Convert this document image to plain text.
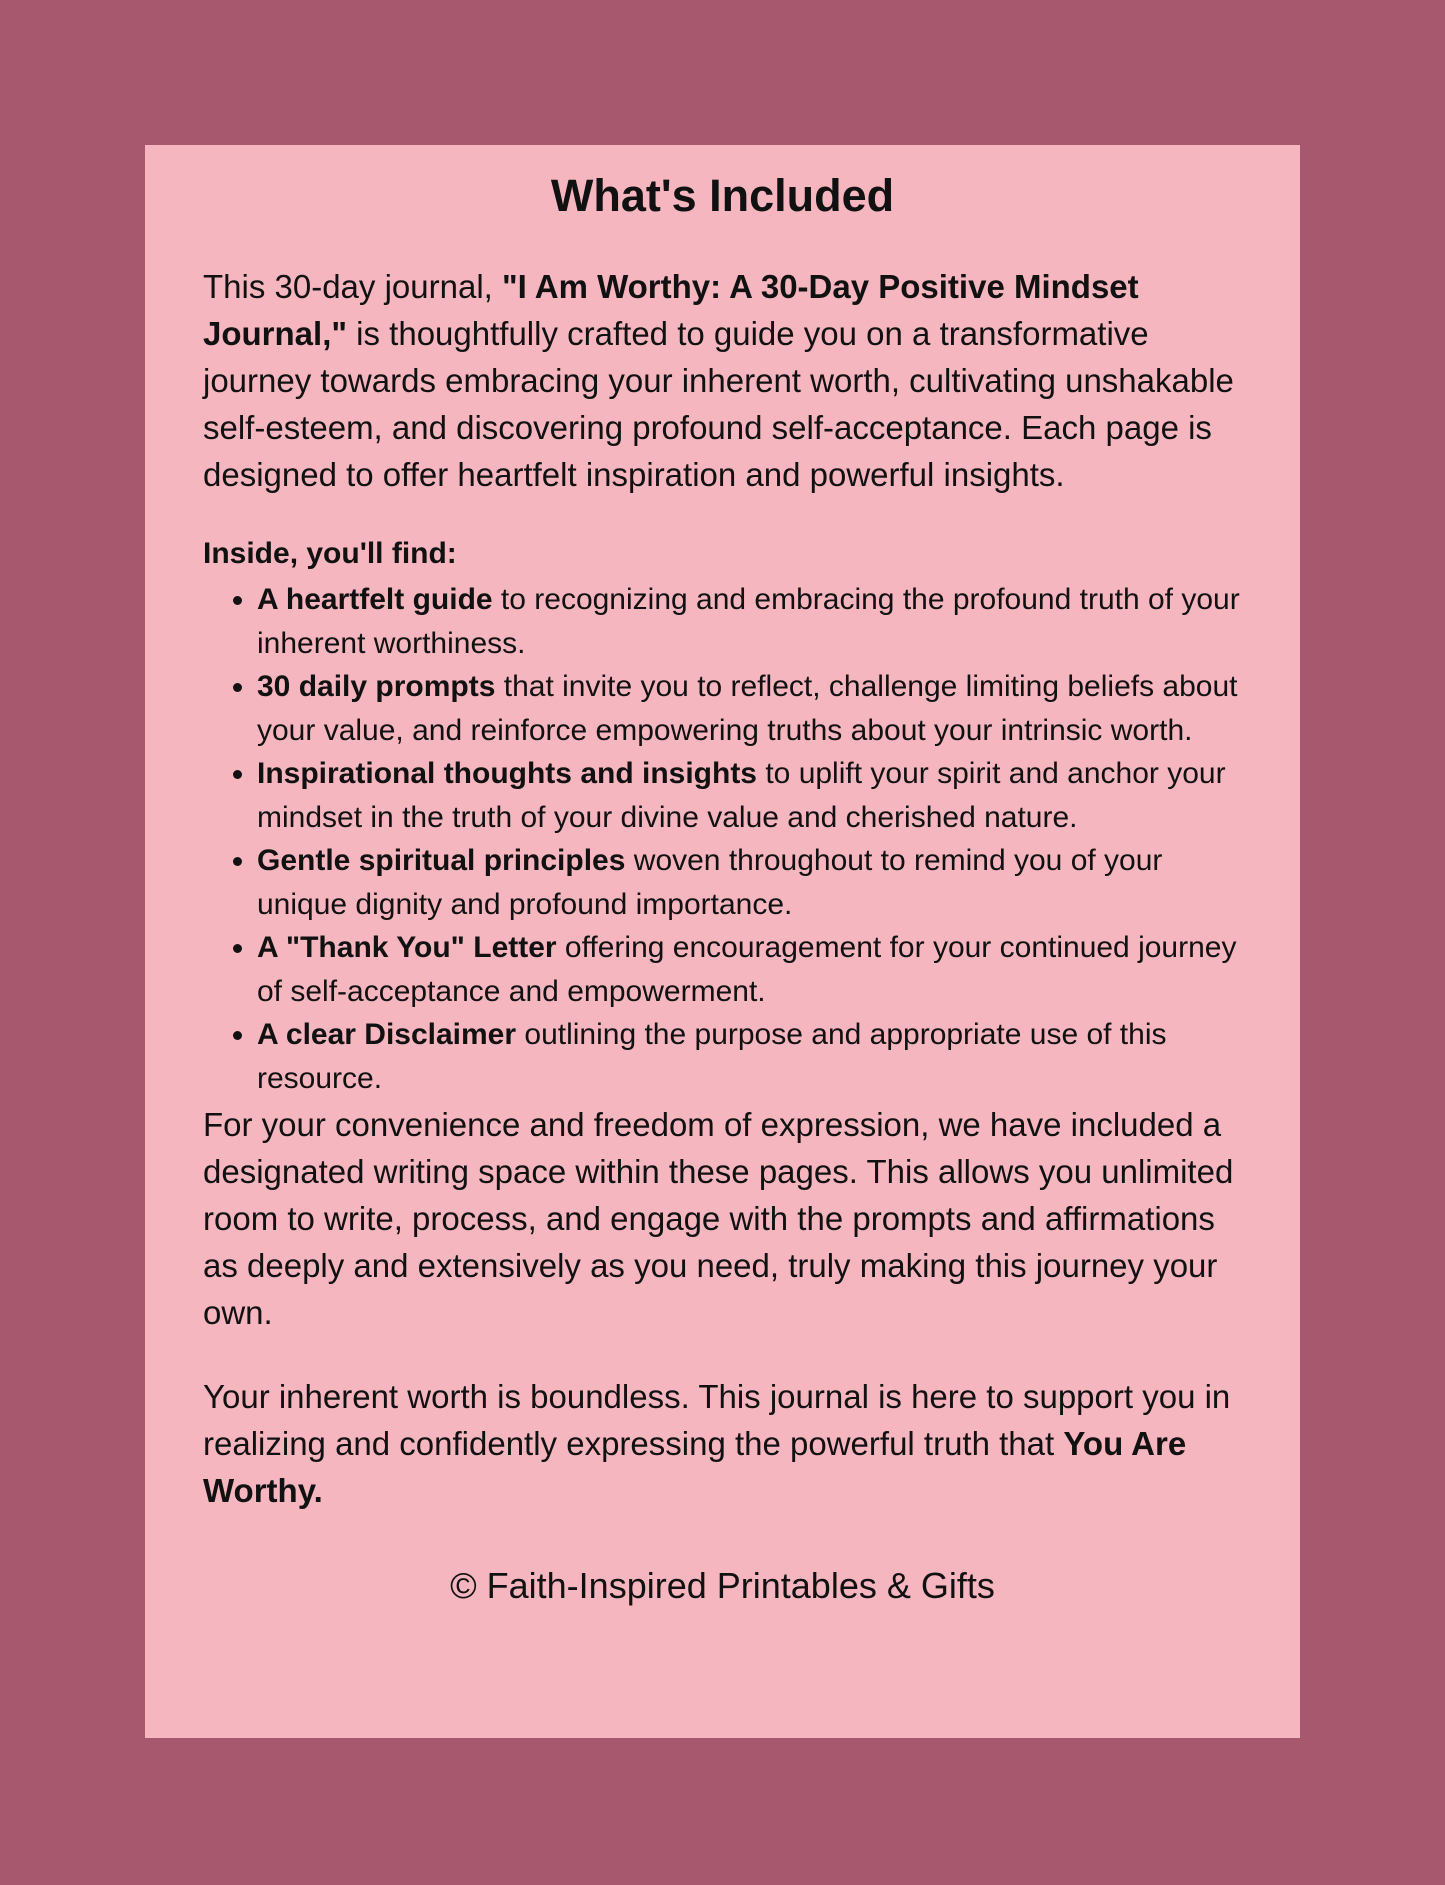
What's Included

This 30-day journal, "I Am Worthy: A 30-Day Positive Mindset Journal," is thoughtfully crafted to guide you on a transformative journey towards embracing your inherent worth, cultivating unshakable self-esteem, and discovering profound self-acceptance. Each page is designed to offer heartfelt inspiration and powerful insights.

Inside, you'll find:

• A heartfelt guide to recognizing and embracing the profound truth of your inherent worthiness.
• 30 daily prompts that invite you to reflect, challenge limiting beliefs about your value, and reinforce empowering truths about your intrinsic worth.
• Inspirational thoughts and insights to uplift your spirit and anchor your mindset in the truth of your divine value and cherished nature.
• Gentle spiritual principles woven throughout to remind you of your unique dignity and profound importance.
• A "Thank You" Letter offering encouragement for your continued journey of self-acceptance and empowerment.
• A clear Disclaimer outlining the purpose and appropriate use of this resource.

For your convenience and freedom of expression, we have included a designated writing space within these pages. This allows you unlimited room to write, process, and engage with the prompts and affirmations as deeply and extensively as you need, truly making this journey your own.

Your inherent worth is boundless. This journal is here to support you in realizing and confidently expressing the powerful truth that You Are Worthy.

© Faith-Inspired Printables & Gifts
